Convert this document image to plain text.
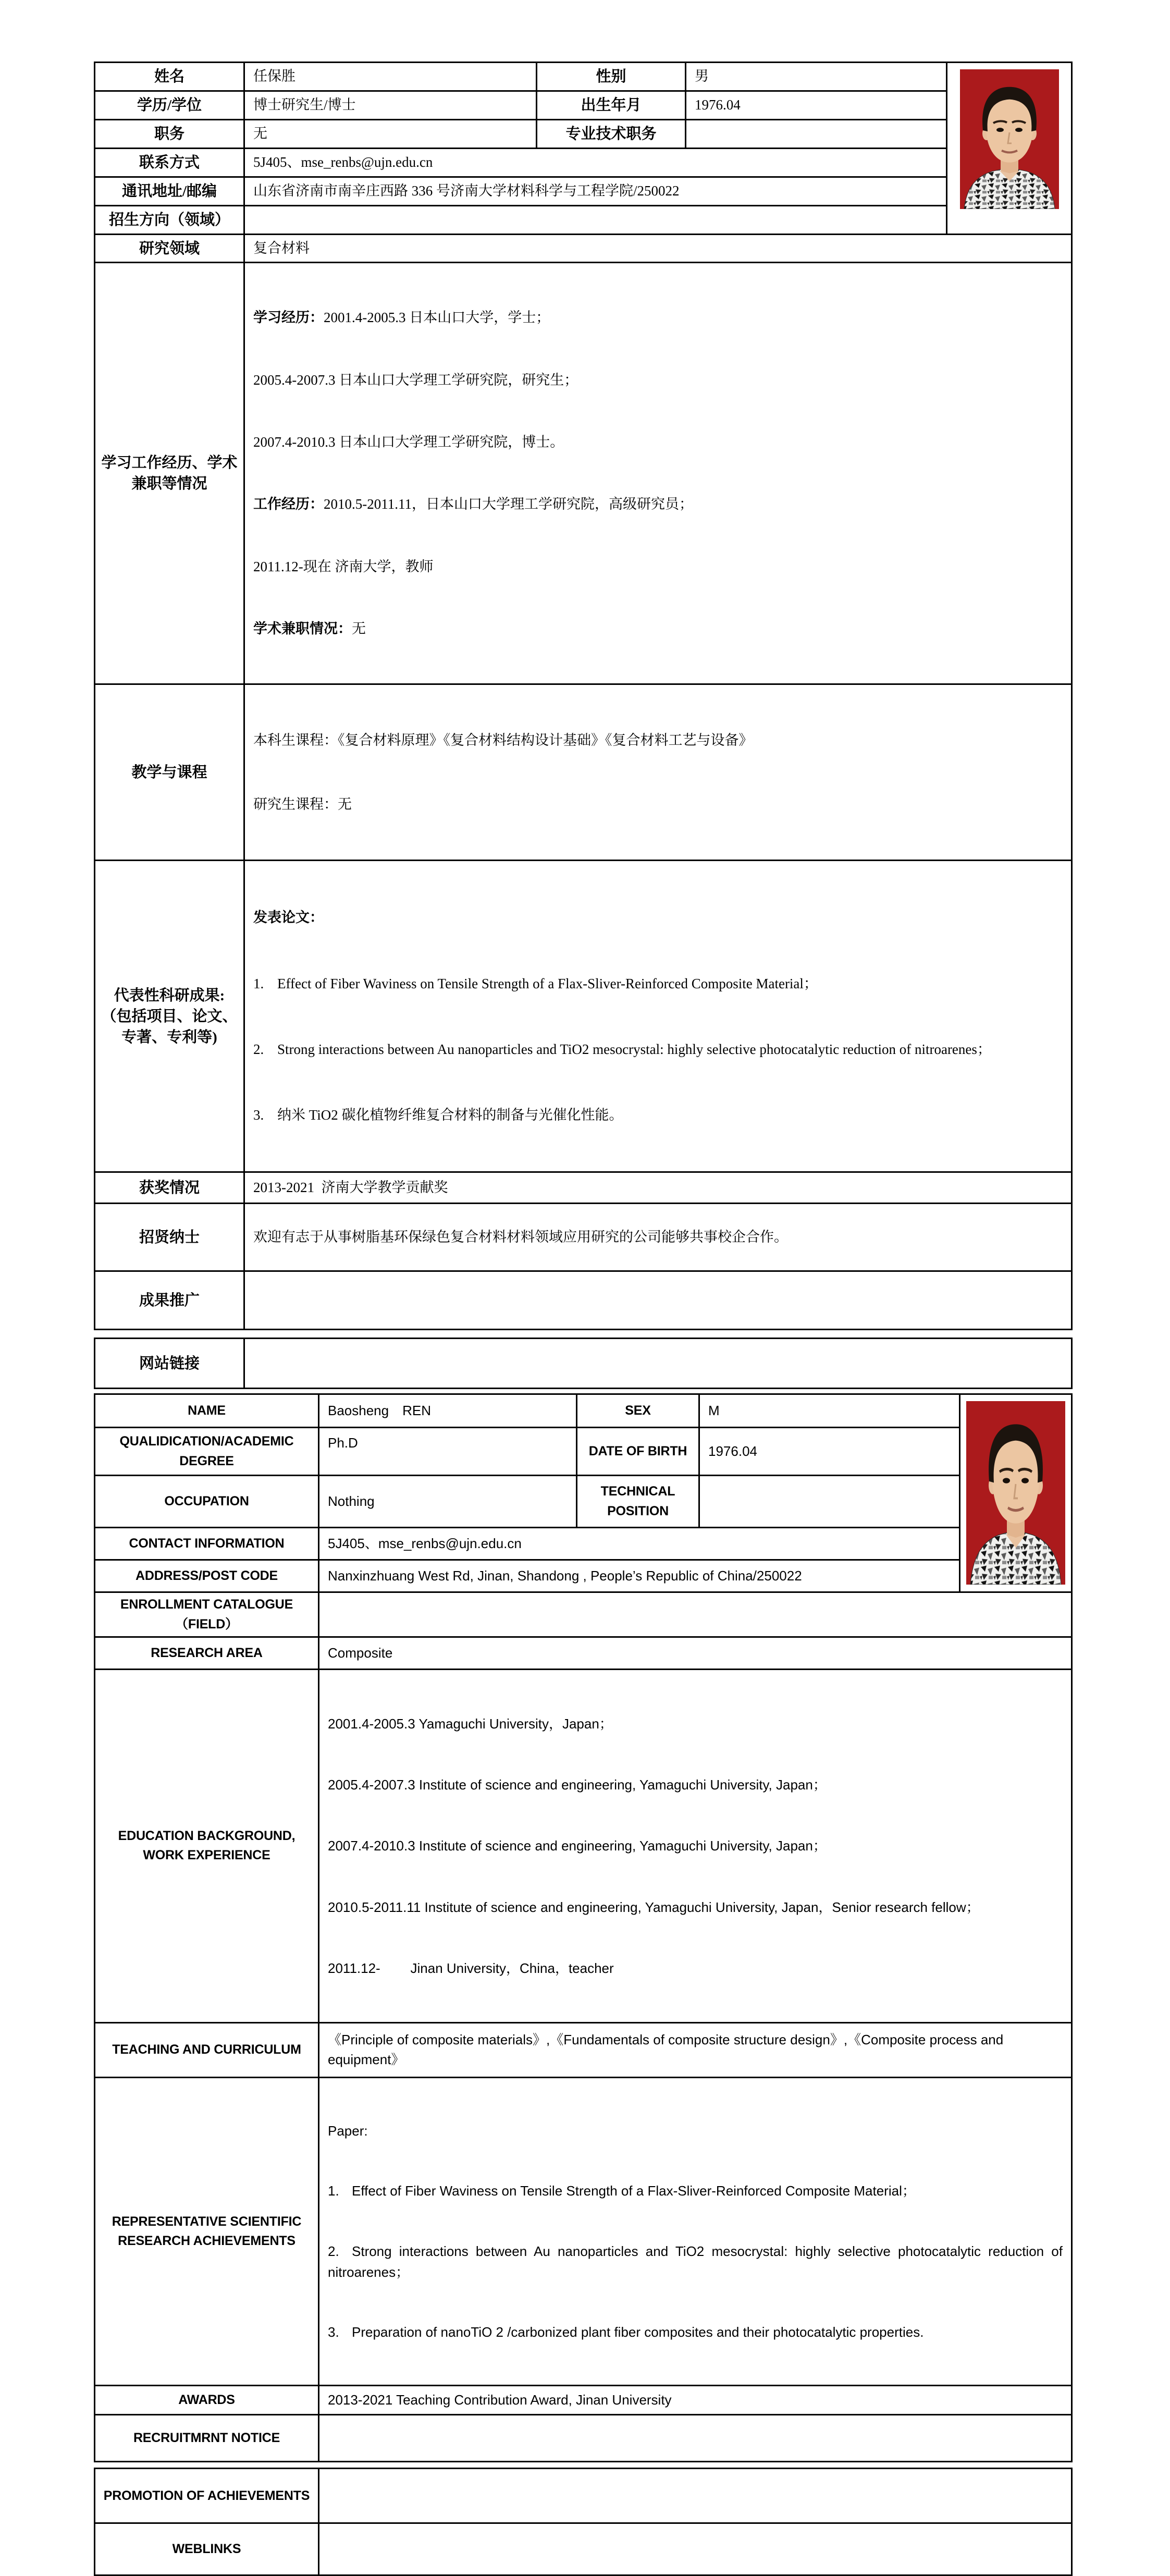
姓名	任保胜	性别	男	
学历/学位	博士研究生/博士	出生年月	1976.04	
职务	无	专业技术职务		
联系方式	5J405、mse_renbs@ujn.edu.cn			
通讯地址/邮编	山东省济南市南辛庄西路 336 号济南大学材料科学与工程学院/250022			
招生方向（领域）				
研究领域	复合材料			
学习工作经历、学术兼职等情况	

学习经历：2001.4-2005.3 日本山口大学，学士；

2005.4-2007.3 日本山口大学理工学研究院，研究生；

2007.4-2010.3 日本山口大学理工学研究院，博士。

工作经历：2010.5-2011.11，日本山口大学理工学研究院，高级研究员；

2011.12-现在 济南大学，教师

学术兼职情况：无

教学与课程	本科生课程：《复合材料原理》《复合材料结构设计基础》《复合材料工艺与设备》

研究生课程：无			

代表性科研成果:（包括项目、论文、专著、专利等)	发表论文：

1. Effect of Fiber Waviness on Tensile Strength of a Flax-Sliver-Reinforced Composite Material；

2. Strong interactions between Au nanoparticles and TiO2 mesocrystal: highly selective photocatalytic reduction of nitroarenes；

3. 纳米 TiO2 碳化植物纤维复合材料的制备与光催化性能。			

获奖情况	2013-2021  济南大学教学贡献奖			
招贤纳士	欢迎有志于从事树脂基环保绿色复合材料材料领域应用研究的公司能够共事校企合作。			
成果推广				
网站链接	
NAME	Baosheng　REN	SEX	M	
QUALIDICATION/ACADEMIC DEGREE	Ph.D	DATE OF BIRTH	1976.04	
OCCUPATION	Nothing	TECHNICAL POSITION		
CONTACT INFORMATION	5J405、mse_renbs@ujn.edu.cn			
ADDRESS/POST CODE	Nanxinzhuang West Rd, Jinan, Shandong , People’s Republic of China/250022			
ENROLLMENT CATALOGUE（FIELD）				
RESEARCH AREA	Composite			
EDUCATION BACKGROUND, WORK EXPERIENCE	2001.4-2005.3 Yamaguchi University，Japan；

2005.4-2007.3 Institute of science and engineering, Yamaguchi University, Japan；

2007.4-2010.3 Institute of science and engineering, Yamaguchi University, Japan；

2010.5-2011.11 Institute of science and engineering, Yamaguchi University, Japan，Senior research fellow；

2011.12-        Jinan University，China，teacher			

TEACHING AND CURRICULUM	《Principle of composite materials》,《Fundamentals of composite structure design》,《Composite process and equipment》			
REPRESENTATIVE SCIENTIFIC RESEARCH ACHIEVEMENTS	Paper:

1. Effect of Fiber Waviness on Tensile Strength of a Flax-Sliver-Reinforced Composite Material；

2. Strong interactions between Au nanoparticles and TiO2 mesocrystal: highly selective photocatalytic reduction of nitroarenes；

3. Preparation of nanoTiO 2 /carbonized plant fiber composites and their photocatalytic properties.			

AWARDS	2013-2021 Teaching Contribution Award, Jinan University			
RECRUITMRNT NOTICE				
PROMOTION OF ACHIEVEMENTS	
WEBLINKS	
